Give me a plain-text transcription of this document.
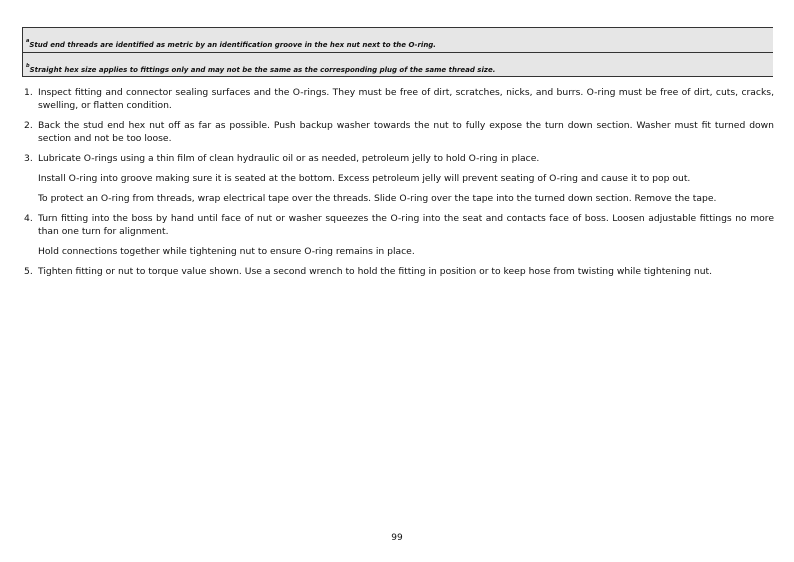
$^a$Stud end threads are identified as metric by an identification groove in the hex nut next to the O-ring.
$^b$Straight hex size applies to fittings only and may not be the same as the corresponding plug of the same thread size.
1. Inspect fitting and connector sealing surfaces and the O-rings. They must be free of dirt, scratches, nicks, and burrs. O-ring must be free of dirt, cuts, cracks, swelling, or flatten condition.
2. Back the stud end hex nut off as far as possible. Push backup washer towards the nut to fully expose the turn down section. Washer must fit turned down section and not be too loose.
3. Lubricate O-rings using a thin film of clean hydraulic oil or as needed, petroleum jelly to hold O-ring in place.

Install O-ring into groove making sure it is seated at the bottom. Excess petroleum jelly will prevent seating of O-ring and cause it to pop out.

To protect an O-ring from threads, wrap electrical tape over the threads. Slide O-ring over the tape into the turned down section. Remove the tape.

4. Turn fitting into the boss by hand until face of nut or washer squeezes the O-ring into the seat and contacts face of boss. Loosen adjustable fittings no more than one turn for alignment.

Hold connections together while tightening nut to ensure O-ring remains in place.

5. Tighten fitting or nut to torque value shown. Use a second wrench to hold the fitting in position or to keep hose from twisting while tightening nut.
99
